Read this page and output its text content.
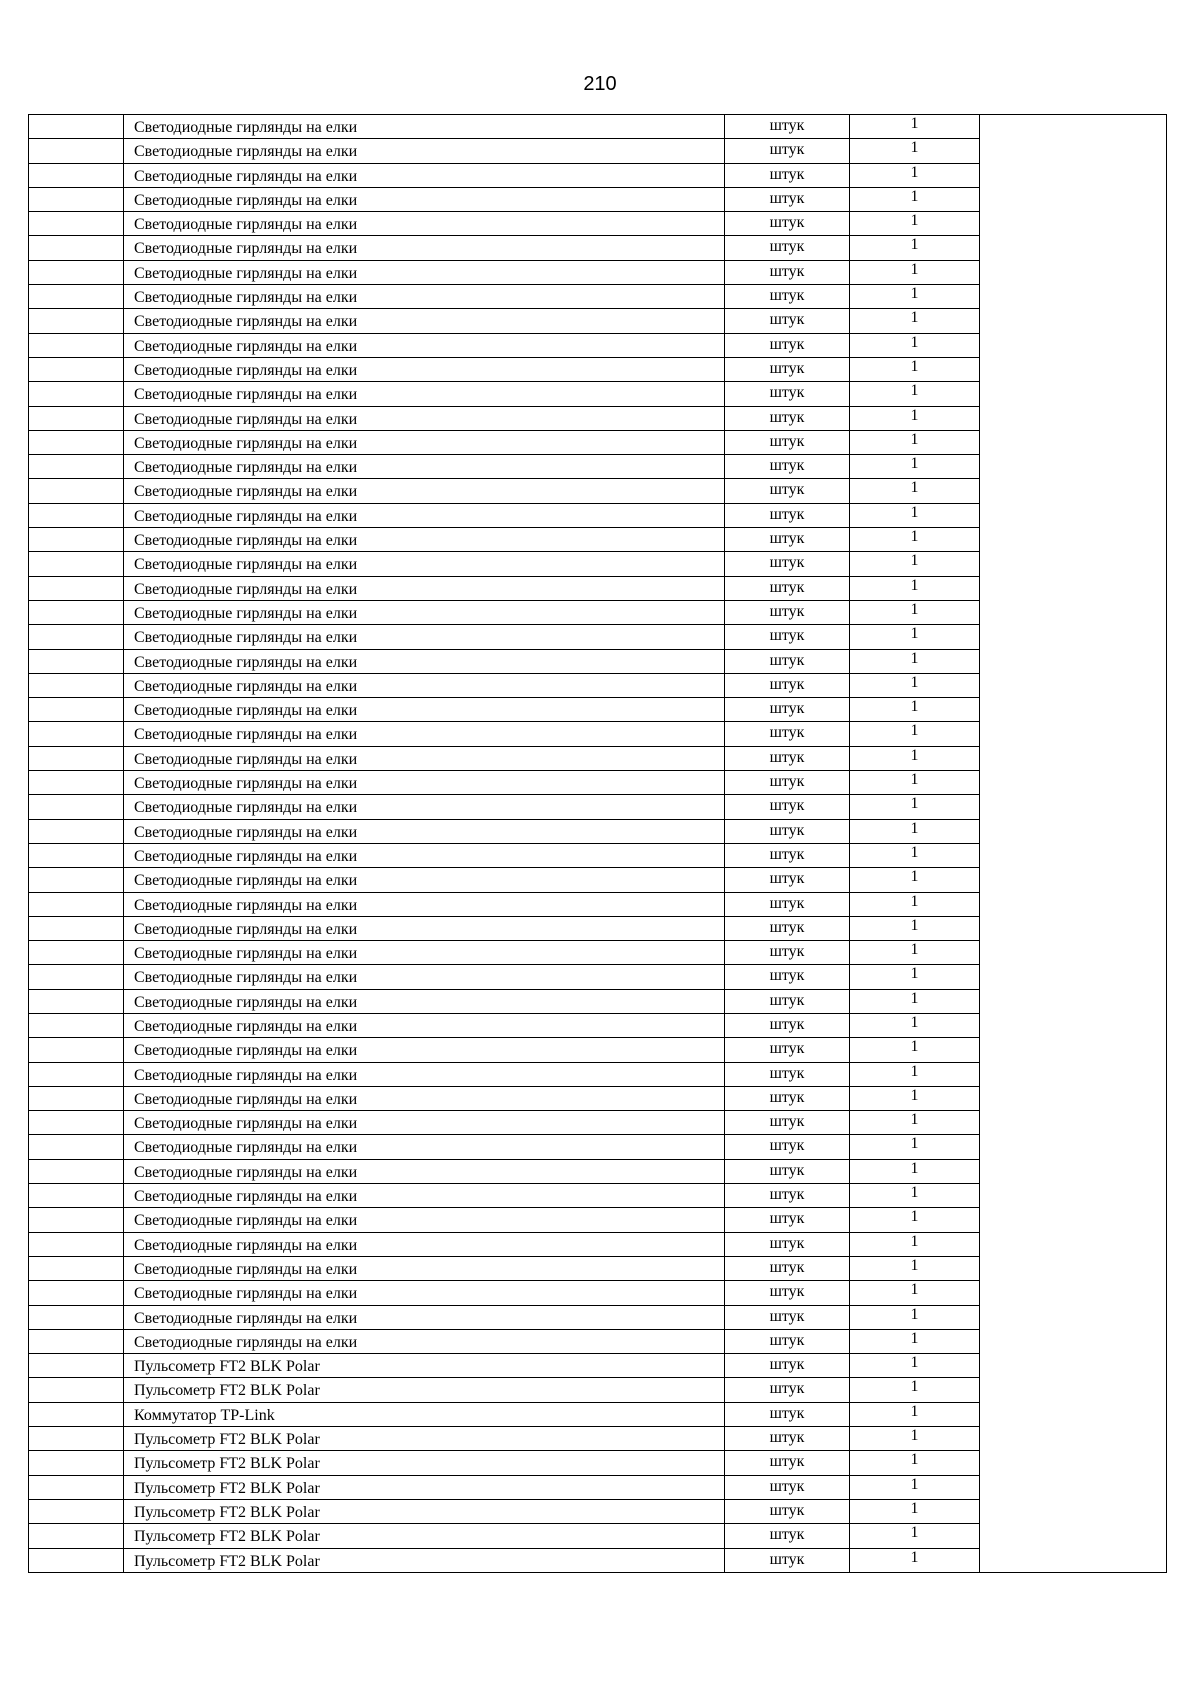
210
	Светодиодные гирлянды на елки	штук	1	
	Светодиодные гирлянды на елки	штук	1	
	Светодиодные гирлянды на елки	штук	1	
	Светодиодные гирлянды на елки	штук	1	
	Светодиодные гирлянды на елки	штук	1	
	Светодиодные гирлянды на елки	штук	1	
	Светодиодные гирлянды на елки	штук	1	
	Светодиодные гирлянды на елки	штук	1	
	Светодиодные гирлянды на елки	штук	1	
	Светодиодные гирлянды на елки	штук	1	
	Светодиодные гирлянды на елки	штук	1	
	Светодиодные гирлянды на елки	штук	1	
	Светодиодные гирлянды на елки	штук	1	
	Светодиодные гирлянды на елки	штук	1	
	Светодиодные гирлянды на елки	штук	1	
	Светодиодные гирлянды на елки	штук	1	
	Светодиодные гирлянды на елки	штук	1	
	Светодиодные гирлянды на елки	штук	1	
	Светодиодные гирлянды на елки	штук	1	
	Светодиодные гирлянды на елки	штук	1	
	Светодиодные гирлянды на елки	штук	1	
	Светодиодные гирлянды на елки	штук	1	
	Светодиодные гирлянды на елки	штук	1	
	Светодиодные гирлянды на елки	штук	1	
	Светодиодные гирлянды на елки	штук	1	
	Светодиодные гирлянды на елки	штук	1	
	Светодиодные гирлянды на елки	штук	1	
	Светодиодные гирлянды на елки	штук	1	
	Светодиодные гирлянды на елки	штук	1	
	Светодиодные гирлянды на елки	штук	1	
	Светодиодные гирлянды на елки	штук	1	
	Светодиодные гирлянды на елки	штук	1	
	Светодиодные гирлянды на елки	штук	1	
	Светодиодные гирлянды на елки	штук	1	
	Светодиодные гирлянды на елки	штук	1	
	Светодиодные гирлянды на елки	штук	1	
	Светодиодные гирлянды на елки	штук	1	
	Светодиодные гирлянды на елки	штук	1	
	Светодиодные гирлянды на елки	штук	1	
	Светодиодные гирлянды на елки	штук	1	
	Светодиодные гирлянды на елки	штук	1	
	Светодиодные гирлянды на елки	штук	1	
	Светодиодные гирлянды на елки	штук	1	
	Светодиодные гирлянды на елки	штук	1	
	Светодиодные гирлянды на елки	штук	1	
	Светодиодные гирлянды на елки	штук	1	
	Светодиодные гирлянды на елки	штук	1	
	Светодиодные гирлянды на елки	штук	1	
	Светодиодные гирлянды на елки	штук	1	
	Светодиодные гирлянды на елки	штук	1	
	Светодиодные гирлянды на елки	штук	1	
	Пульсометр FT2 BLK Polar	штук	1	
	Пульсометр FT2 BLK Polar	штук	1	
	Коммутатор TP-Link	штук	1	
	Пульсометр FT2 BLK Polar	штук	1	
	Пульсометр FT2 BLK Polar	штук	1	
	Пульсометр FT2 BLK Polar	штук	1	
	Пульсометр FT2 BLK Polar	штук	1	
	Пульсометр FT2 BLK Polar	штук	1	
	Пульсометр FT2 BLK Polar	штук	1	
